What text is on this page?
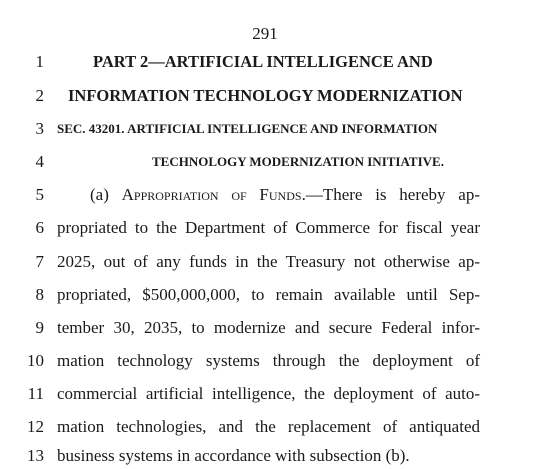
291
1	PART 2—ARTIFICIAL INTELLIGENCE AND
2 INFORMATION TECHNOLOGY MODERNIZATION
3 SEC. 43201. ARTIFICIAL INTELLIGENCE AND INFORMATION
4	TECHNOLOGY MODERNIZATION INITIATIVE.
5	(a) Appropriation of Funds.—There is hereby ap-
6 propriated to the Department of Commerce for fiscal year
7 2025, out of any funds in the Treasury not otherwise ap-
8 propriated, $500,000,000, to remain available until Sep-
9 tember 30, 2035, to modernize and secure Federal infor-
10 mation technology systems through the deployment of
11 commercial artificial intelligence, the deployment of auto-
12 mation technologies, and the replacement of antiquated
13 business systems in accordance with subsection (b).
